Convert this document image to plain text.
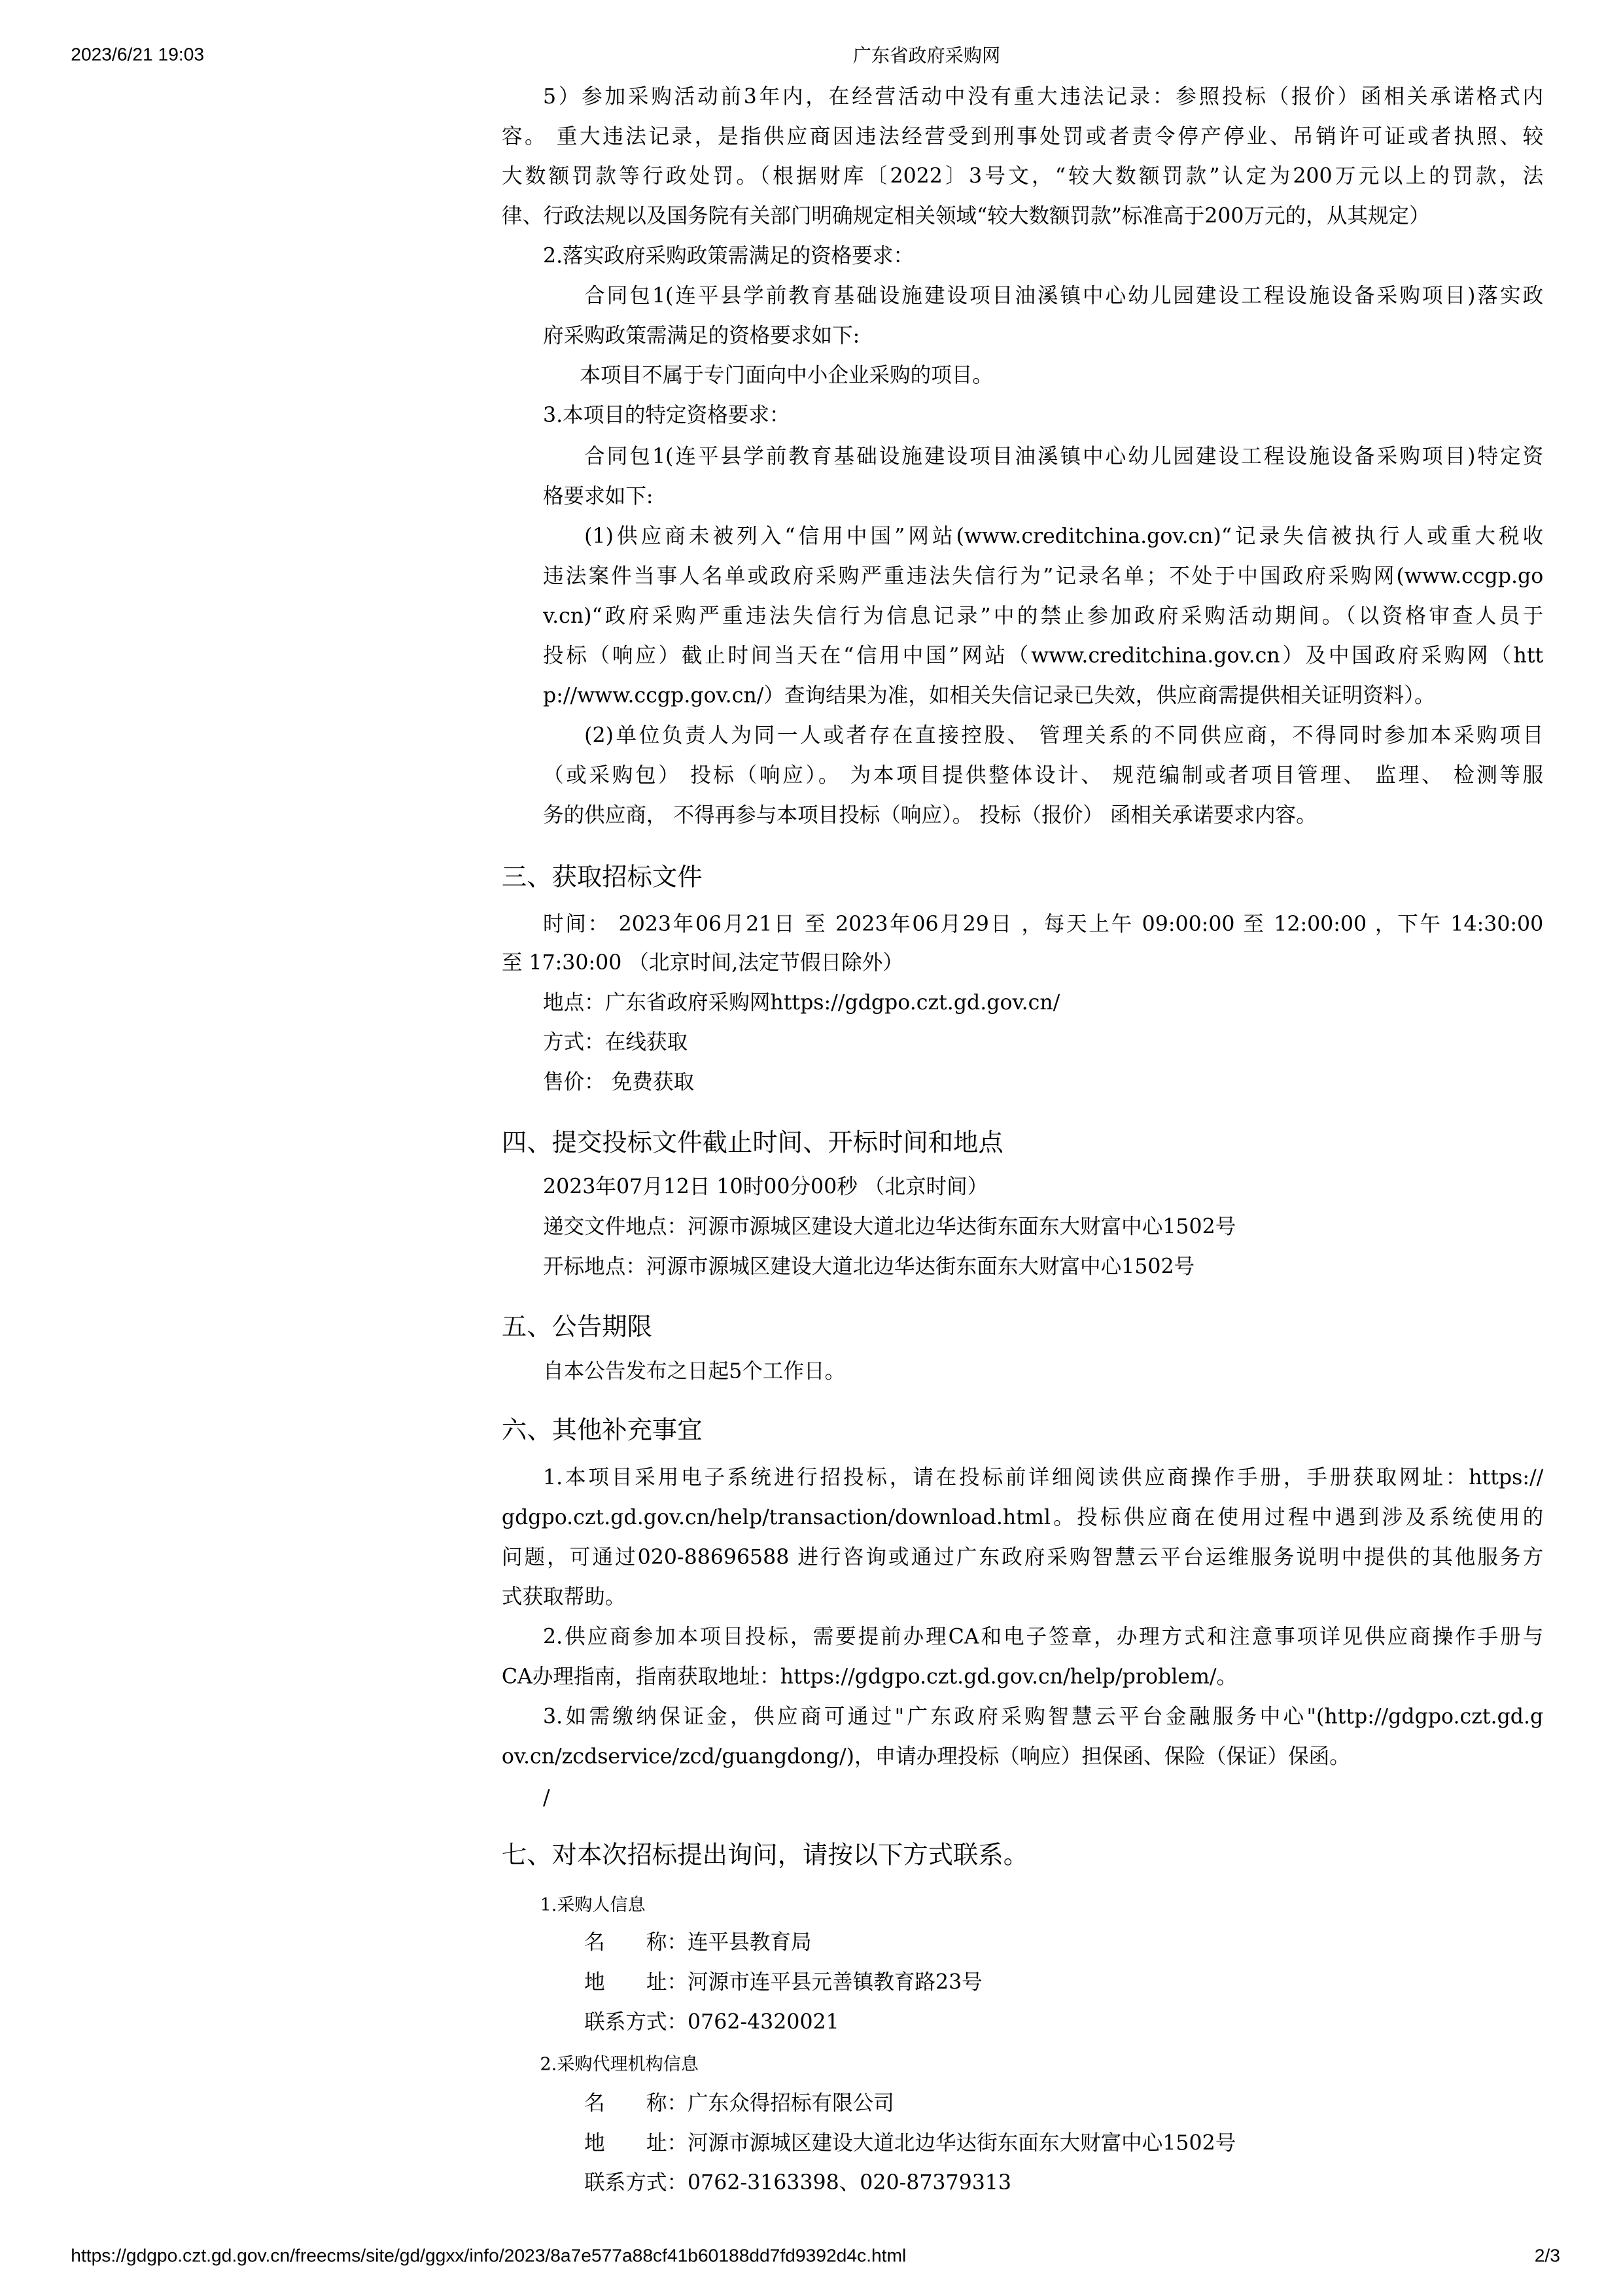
2023/6/21 19:03	广东省政府采购网
https://gdgpo.czt.gd.gov.cn/freecms/site/gd/ggxx/info/2023/8a7e577a88cf41b60188dd7fd9392d4c.html	2/3
5）参加采购活动前3年内，在经营活动中没有重大违法记录：参照投标（报价）函相关承诺格式内
容。 重大违法记录，是指供应商因违法经营受到刑事处罚或者责令停产停业、吊销许可证或者执照、较
大数额罚款等行政处罚。（根据财库〔2022〕3号文，“较大数额罚款”认定为200万元以上的罚款，法
律、行政法规以及国务院有关部门明确规定相关领域“较大数额罚款”标准高于200万元的，从其规定）
2.落实政府采购政策需满足的资格要求：
合同包1(连平县学前教育基础设施建设项目油溪镇中心幼儿园建设工程设施设备采购项目)落实政
府采购政策需满足的资格要求如下:
本项目不属于专门面向中小企业采购的项目。
3.本项目的特定资格要求：
合同包1(连平县学前教育基础设施建设项目油溪镇中心幼儿园建设工程设施设备采购项目)特定资
格要求如下:
(1)供应商未被列入“信用中国”网站(www.creditchina.gov.cn)“记录失信被执行人或重大税收
违法案件当事人名单或政府采购严重违法失信行为”记录名单；不处于中国政府采购网(www.ccgp.go
v.cn)“政府采购严重违法失信行为信息记录”中的禁止参加政府采购活动期间。（以资格审查人员于
投标（响应）截止时间当天在“信用中国”网站（www.creditchina.gov.cn）及中国政府采购网（htt
p://www.ccgp.gov.cn/）查询结果为准，如相关失信记录已失效，供应商需提供相关证明资料）。
(2)单位负责人为同一人或者存在直接控股、 管理关系的不同供应商，不得同时参加本采购项目
（或采购包） 投标（响应）。 为本项目提供整体设计、 规范编制或者项目管理、 监理、 检测等服
务的供应商， 不得再参与本项目投标（响应）。 投标（报价） 函相关承诺要求内容。
三、获取招标文件
时间： 2023年06月21日 至 2023年06月29日 ，每天上午 09:00:00 至 12:00:00 ，下午 14:30:00
至 17:30:00 （北京时间,法定节假日除外）
地点：广东省政府采购网https://gdgpo.czt.gd.gov.cn/
方式：在线获取
售价： 免费获取
四、提交投标文件截止时间、开标时间和地点
2023年07月12日 10时00分00秒 （北京时间）
递交文件地点：河源市源城区建设大道北边华达街东面东大财富中心1502号
开标地点：河源市源城区建设大道北边华达街东面东大财富中心1502号
五、公告期限
自本公告发布之日起5个工作日。
六、其他补充事宜
1.本项目采用电子系统进行招投标，请在投标前详细阅读供应商操作手册，手册获取网址：https://
gdgpo.czt.gd.gov.cn/help/transaction/download.html。投标供应商在使用过程中遇到涉及系统使用的
问题，可通过020-88696588 进行咨询或通过广东政府采购智慧云平台运维服务说明中提供的其他服务方
式获取帮助。
2.供应商参加本项目投标，需要提前办理CA和电子签章，办理方式和注意事项详见供应商操作手册与
CA办理指南，指南获取地址：https://gdgpo.czt.gd.gov.cn/help/problem/。
3.如需缴纳保证金，供应商可通过"广东政府采购智慧云平台金融服务中心"(http://gdgpo.czt.gd.g
ov.cn/zcdservice/zcd/guangdong/)，申请办理投标（响应）担保函、保险（保证）保函。
/
七、对本次招标提出询问，请按以下方式联系。
1.采购人信息
名　　称：连平县教育局
地　　址：河源市连平县元善镇教育路23号
联系方式：0762-4320021
2.采购代理机构信息
名　　称：广东众得招标有限公司
地　　址：河源市源城区建设大道北边华达街东面东大财富中心1502号
联系方式：0762-3163398、020-87379313
